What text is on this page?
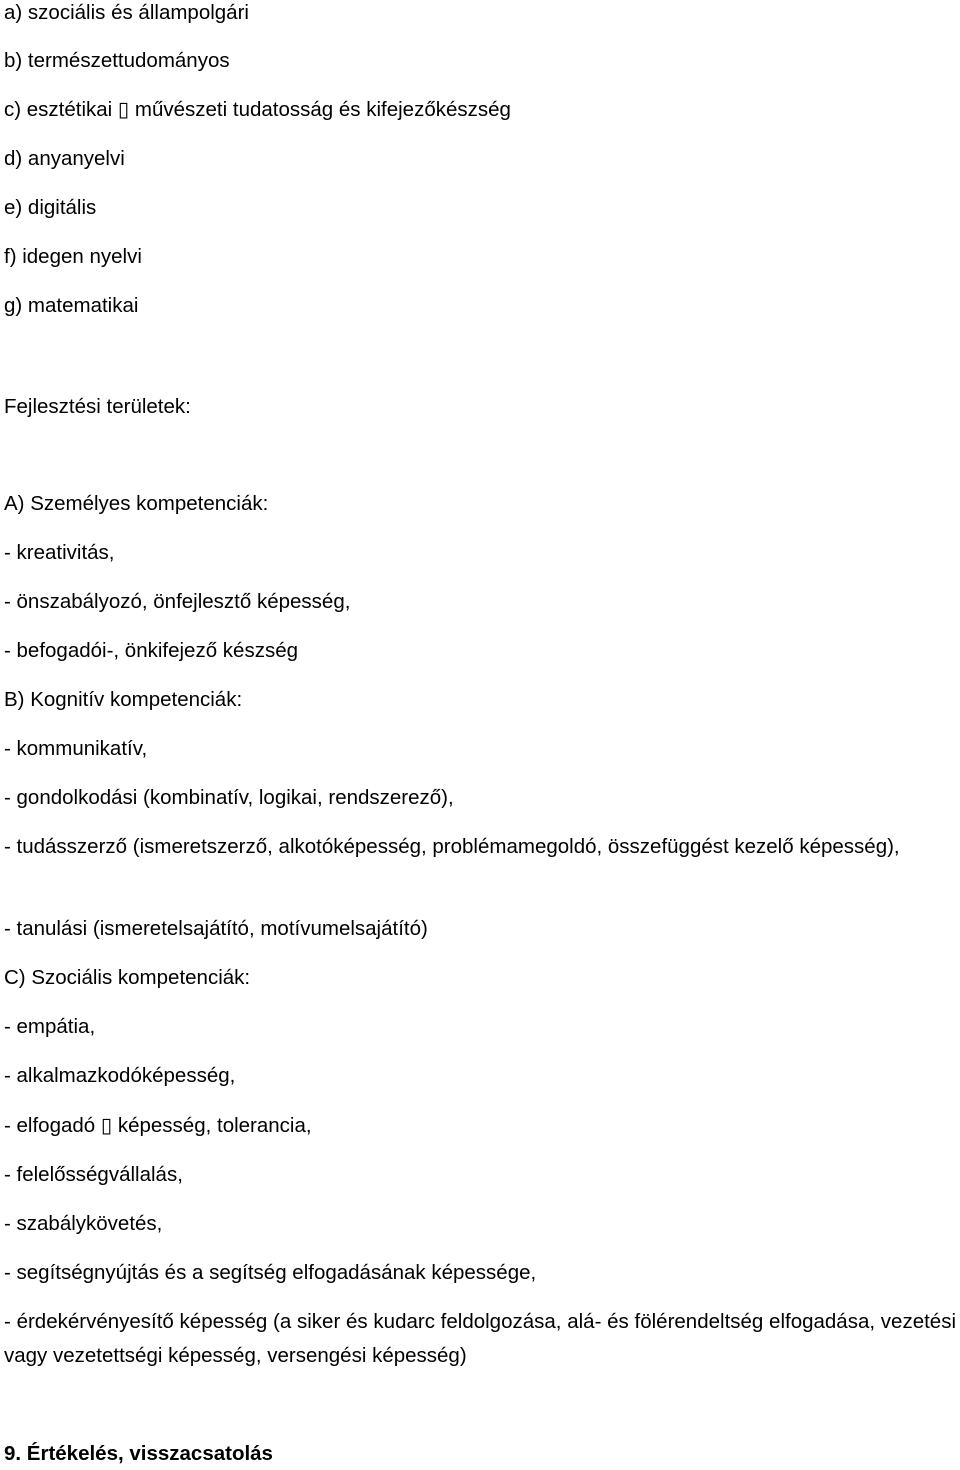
a) szociális és állampolgári
b) természettudományos
c) esztétikai ▯ művészeti tudatosság és kifejezőkészség
d) anyanyelvi
e) digitális
f) idegen nyelvi
g) matematikai
Fejlesztési területek:
A) Személyes kompetenciák:
- kreativitás,
- önszabályozó, önfejlesztő képesség,
- befogadói-, önkifejező készség
B) Kognitív kompetenciák:
- kommunikatív,
- gondolkodási (kombinatív, logikai, rendszerező),
- tudásszerző (ismeretszerző, alkotóképesség, problémamegoldó, összefüggést kezelő képesség),
- tanulási (ismeretelsajátító, motívumelsajátító)
C) Szociális kompetenciák:
- empátia,
- alkalmazkodóképesség,
- elfogadó ▯ képesség, tolerancia,
- felelősségvállalás,
- szabálykövetés,
- segítségnyújtás és a segítség elfogadásának képessége,
- érdekérvényesítő képesség (a siker és kudarc feldolgozása, alá- és fölérendeltség elfogadása, vezetési vagy vezetettségi képesség, versengési képesség)
9. Értékelés, visszacsatolás
